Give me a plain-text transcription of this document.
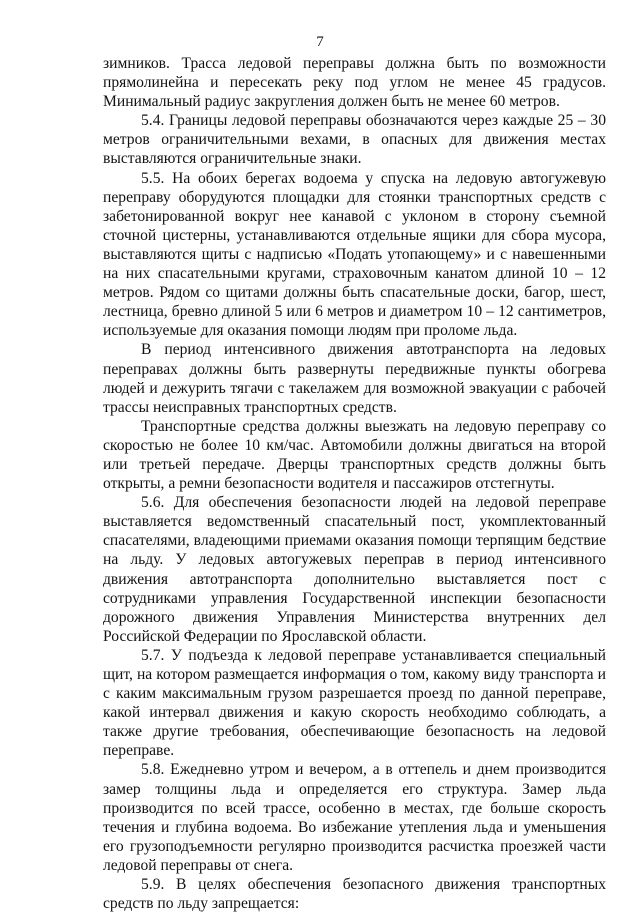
7

зимников. Трасса ледовой переправы должна быть по возможности прямолинейна и пересекать реку под углом не менее 45 градусов. Минимальный радиус закругления должен быть не менее 60 метров.

5.4. Границы ледовой переправы обозначаются через каждые 25 – 30 метров ограничительными вехами, в опасных для движения местах выставляются ограничительные знаки.

5.5. На обоих берегах водоема у спуска на ледовую автогужевую переправу оборудуются площадки для стоянки транспортных средств с забетонированной вокруг нее канавой с уклоном в сторону съемной сточной цистерны, устанавливаются отдельные ящики для сбора мусора, выставляются щиты с надписью «Подать утопающему» и с навешенными на них спасательными кругами, страховочным канатом длиной 10 – 12 метров. Рядом со щитами должны быть спасательные доски, багор, шест, лестница, бревно длиной 5 или 6 метров и диаметром 10 – 12 сантиметров, используемые для оказания помощи людям при проломе льда.

В период интенсивного движения автотранспорта на ледовых переправах должны быть развернуты передвижные пункты обогрева людей и дежурить тягачи с такелажем для возможной эвакуации с рабочей трассы неисправных транспортных средств.

Транспортные средства должны выезжать на ледовую переправу со скоростью не более 10 км/час. Автомобили должны двигаться на второй или третьей передаче. Дверцы транспортных средств должны быть открыты, а ремни безопасности водителя и пассажиров отстегнуты.

5.6. Для обеспечения безопасности людей на ледовой переправе выставляется ведомственный спасательный пост, укомплектованный спасателями, владеющими приемами оказания помощи терпящим бедствие на льду. У ледовых автогужевых переправ в период интенсивного движения автотранспорта дополнительно выставляется пост с сотрудниками управления Государственной инспекции безопасности дорожного движения Управления Министерства внутренних дел Российской Федерации по Ярославской области.

5.7. У подъезда к ледовой переправе устанавливается специальный щит, на котором размещается информация о том, какому виду транспорта и с каким максимальным грузом разрешается проезд по данной переправе, какой интервал движения и какую скорость необходимо соблюдать, а также другие требования, обеспечивающие безопасность на ледовой переправе.

5.8. Ежедневно утром и вечером, а в оттепель и днем производится замер толщины льда и определяется его структура. Замер льда производится по всей трассе, особенно в местах, где больше скорость течения и глубина водоема. Во избежание утепления льда и уменьшения его грузоподъемности регулярно производится расчистка проезжей части ледовой переправы от снега.

5.9. В целях обеспечения безопасного движения транспортных средств по льду запрещается:
